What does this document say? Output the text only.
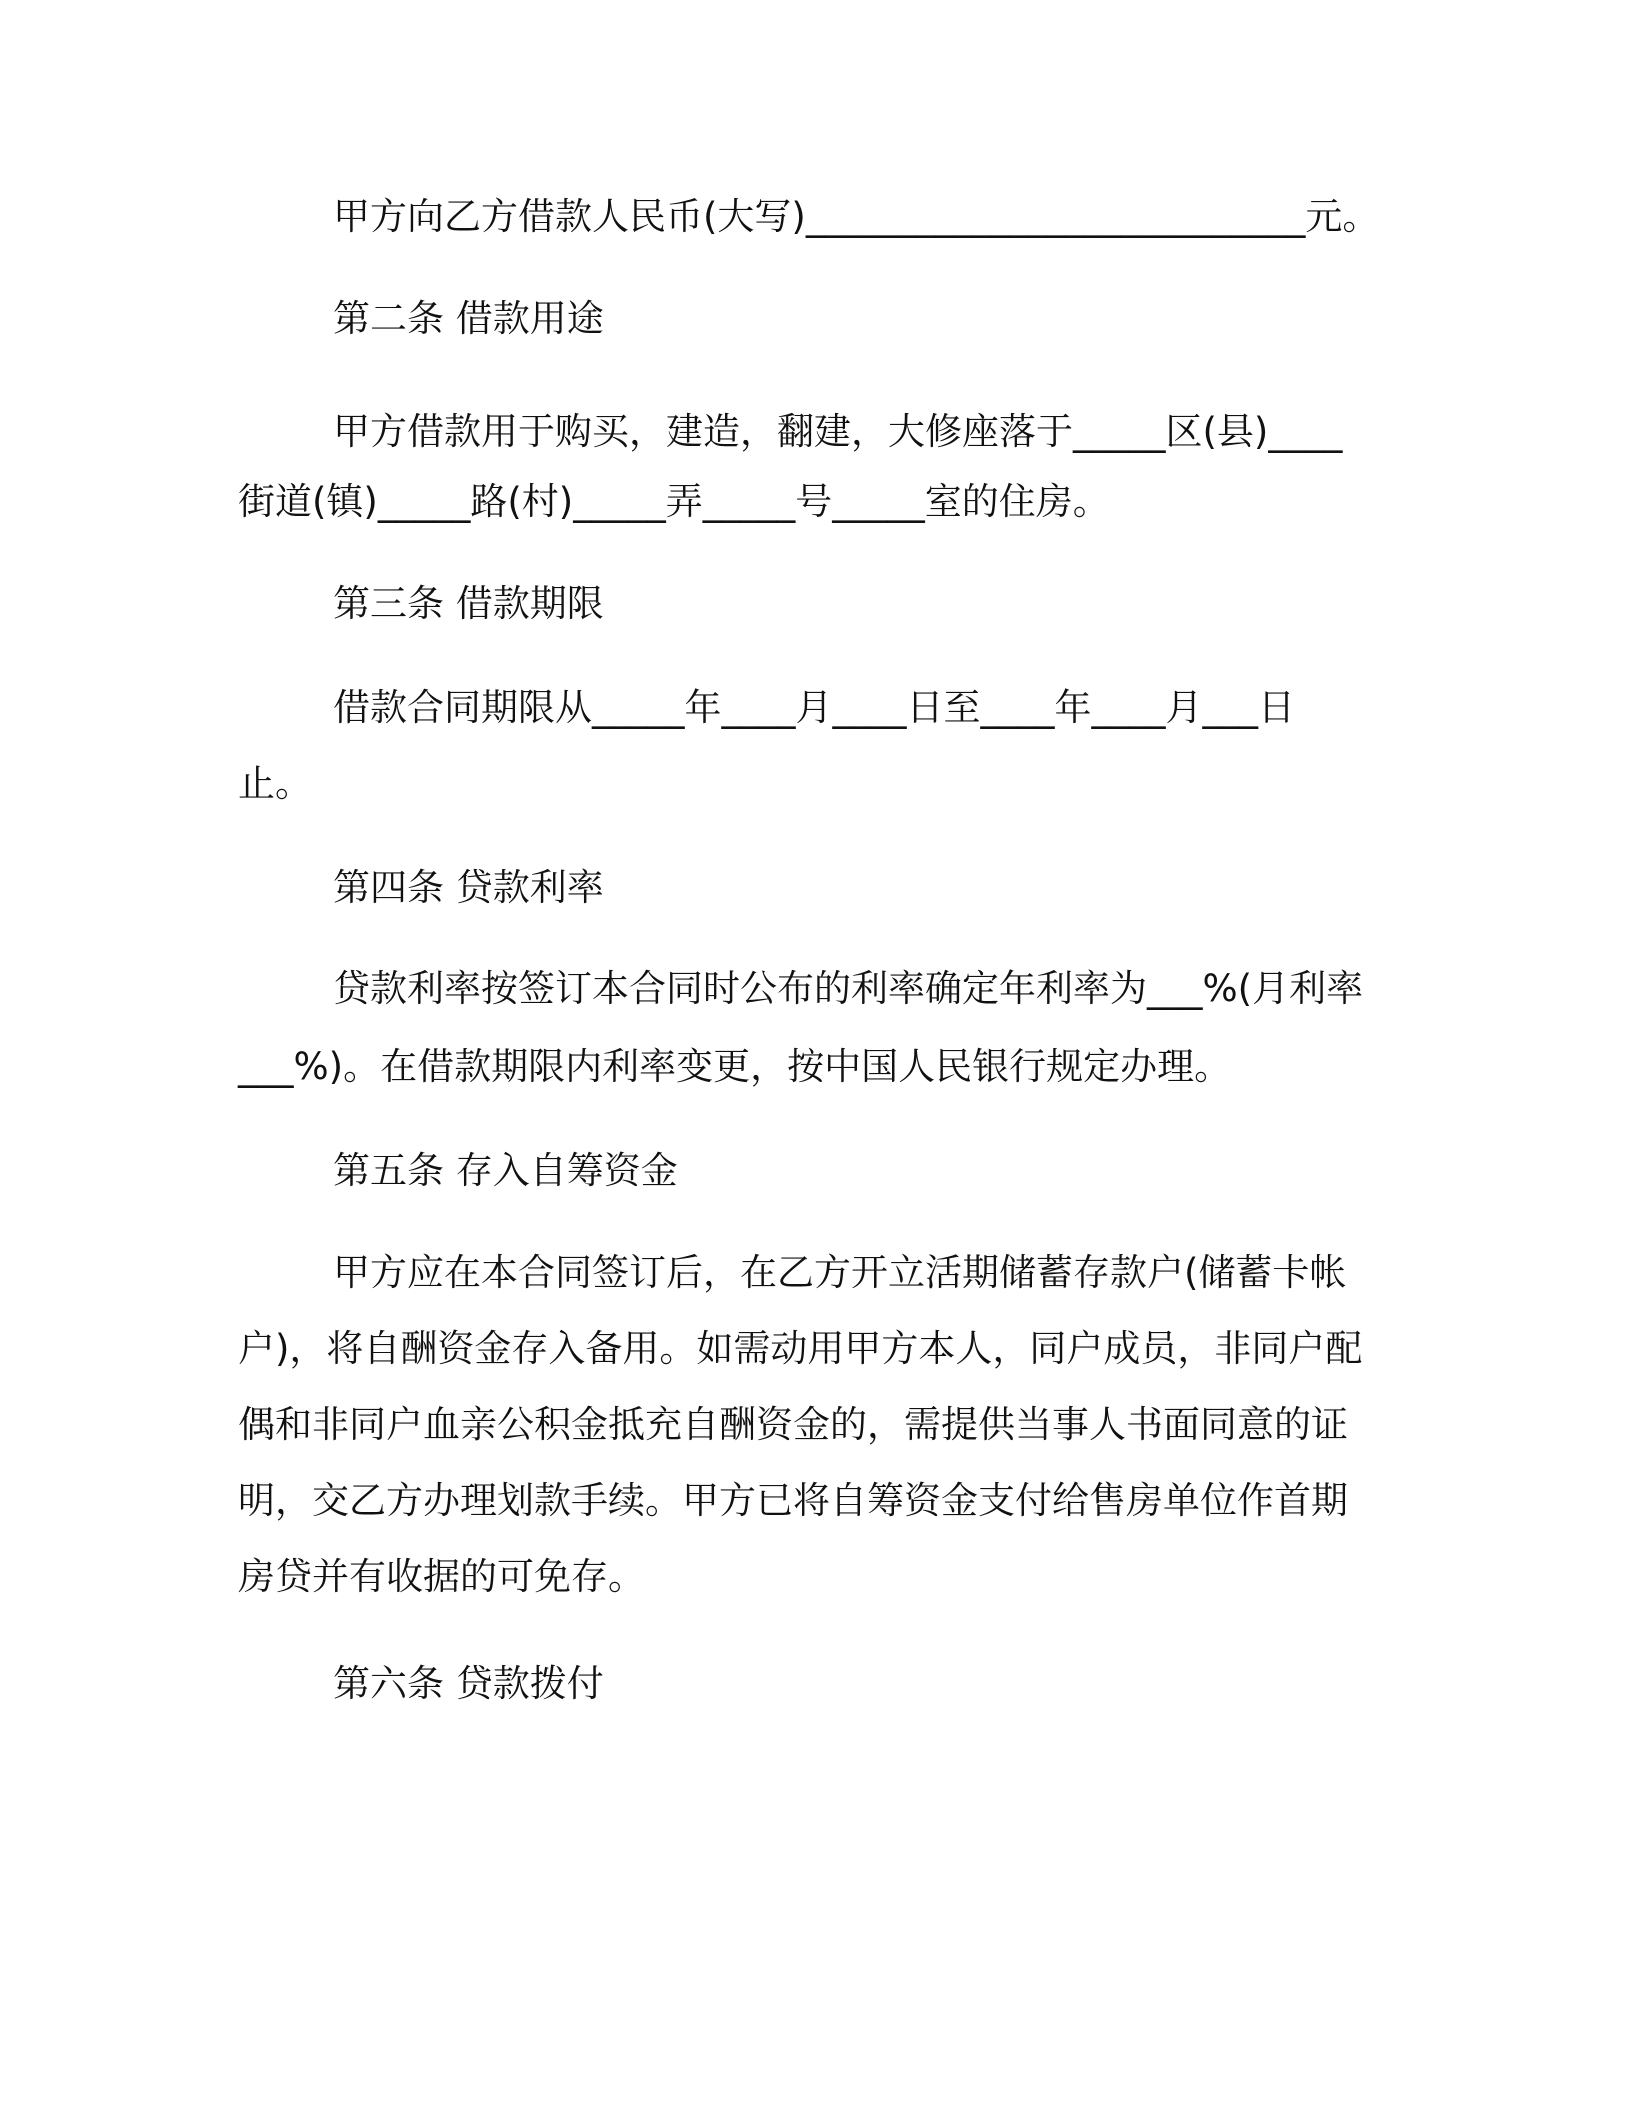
甲方向乙方借款人民币(大写)___________________________元。

第二条 借款用途

甲方借款用于购买，建造，翻建，大修座落于_____区(县)____

街道(镇)_____路(村)_____弄_____号_____室的住房。

第三条 借款期限

借款合同期限从_____年____月____日至____年____月___日

止。

第四条 贷款利率

贷款利率按签订本合同时公布的利率确定年利率为___%(月利率

___%)。在借款期限内利率变更，按中国人民银行规定办理。

第五条 存入自筹资金

甲方应在本合同签订后，在乙方开立活期储蓄存款户(储蓄卡帐

户)，将自酬资金存入备用。如需动用甲方本人，同户成员，非同户配

偶和非同户血亲公积金抵充自酬资金的，需提供当事人书面同意的证

明，交乙方办理划款手续。甲方已将自筹资金支付给售房单位作首期

房贷并有收据的可免存。

第六条 贷款拨付
